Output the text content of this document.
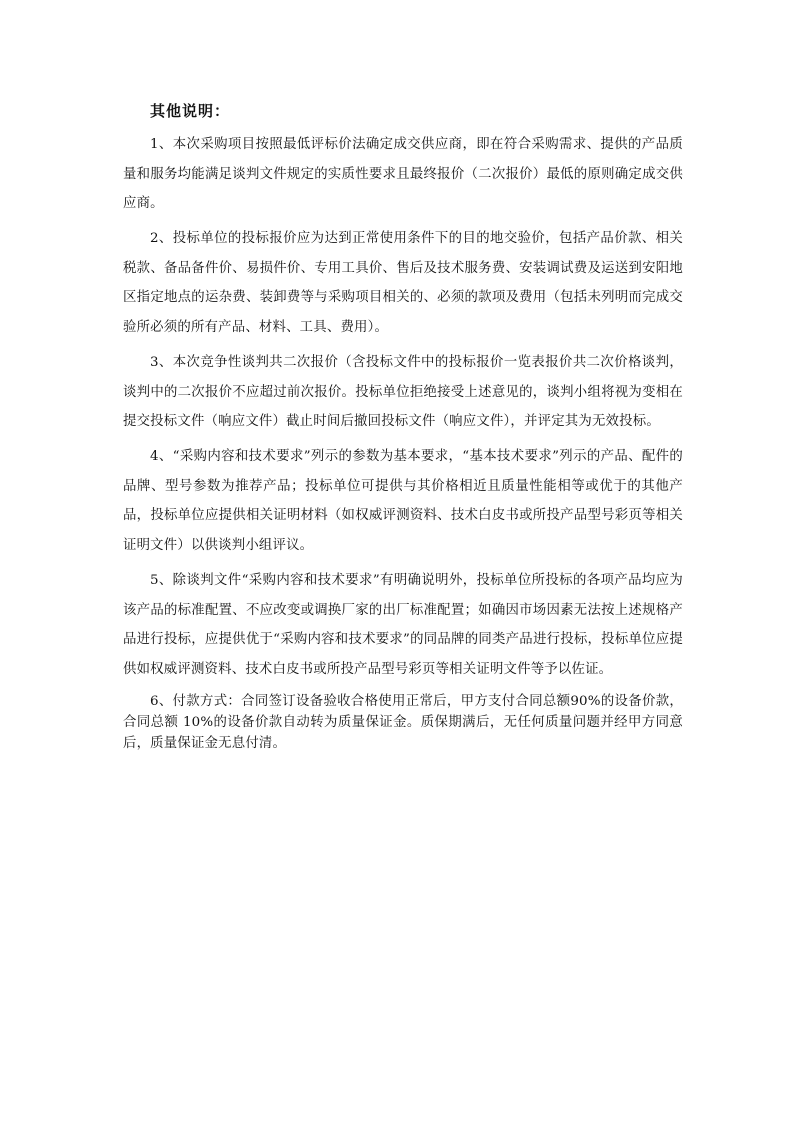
其他说明：

1、本次采购项目按照最低评标价法确定成交供应商，即在符合采购需求、提供的产品质量和服务均能满足谈判文件规定的实质性要求且最终报价（二次报价）最低的原则确定成交供应商。

2、投标单位的投标报价应为达到正常使用条件下的目的地交验价，包括产品价款、相关税款、备品备件价、易损件价、专用工具价、售后及技术服务费、安装调试费及运送到安阳地区指定地点的运杂费、装卸费等与采购项目相关的、必须的款项及费用（包括未列明而完成交验所必须的所有产品、材料、工具、费用）。

3、本次竞争性谈判共二次报价（含投标文件中的投标报价一览表报价共二次价格谈判，谈判中的二次报价不应超过前次报价。投标单位拒绝接受上述意见的，谈判小组将视为变相在提交投标文件（响应文件）截止时间后撤回投标文件（响应文件），并评定其为无效投标。

4、“采购内容和技术要求”列示的参数为基本要求，“基本技术要求”列示的产品、配件的品牌、型号参数为推荐产品；投标单位可提供与其价格相近且质量性能相等或优于的其他产品，投标单位应提供相关证明材料（如权威评测资料、技术白皮书或所投产品型号彩页等相关证明文件）以供谈判小组评议。

5、除谈判文件“采购内容和技术要求”有明确说明外，投标单位所投标的各项产品均应为该产品的标准配置、不应改变或调换厂家的出厂标准配置；如确因市场因素无法按上述规格产品进行投标，应提供优于“采购内容和技术要求”的同品牌的同类产品进行投标，投标单位应提供如权威评测资料、技术白皮书或所投产品型号彩页等相关证明文件等予以佐证。

6、付款方式：合同签订设备验收合格使用正常后，甲方支付合同总额90%的设备价款，合同总额 10%的设备价款自动转为质量保证金。质保期满后，无任何质量问题并经甲方同意后，质量保证金无息付清。
